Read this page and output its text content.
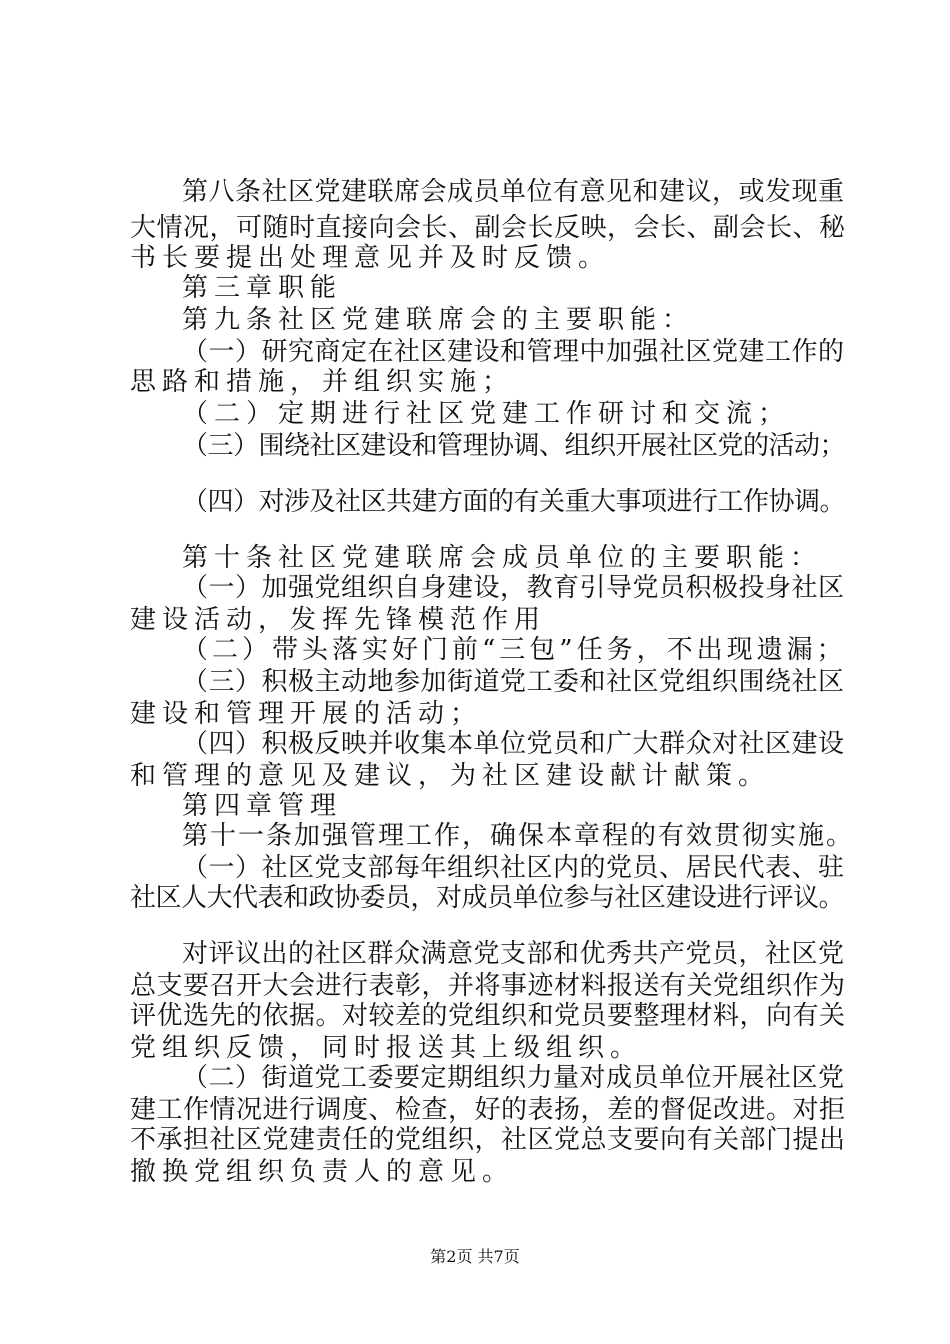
第八条社区党建联席会成员单位有意见和建议，或发现重
大情况，可随时直接向会长、副会长反映，会长、副会长、秘
书长要提出处理意见并及时反馈。
第三章职能
第九条社区党建联席会的主要职能：
（一）研究商定在社区建设和管理中加强社区党建工作的
思路和措施，并组织实施；
（二）定期进行社区党建工作研讨和交流；
（三）围绕社区建设和管理协调、组织开展社区党的活动；
（四）对涉及社区共建方面的有关重大事项进行工作协调。
第十条社区党建联席会成员单位的主要职能：
（一）加强党组织自身建设，教育引导党员积极投身社区
建设活动，发挥先锋模范作用
（二）带头落实好门前“三包”任务，不出现遗漏；
（三）积极主动地参加街道党工委和社区党组织围绕社区
建设和管理开展的活动；
（四）积极反映并收集本单位党员和广大群众对社区建设
和管理的意见及建议，为社区建设献计献策。
第四章管理
第十一条加强管理工作，确保本章程的有效贯彻实施。
（一）社区党支部每年组织社区内的党员、居民代表、驻
社区人大代表和政协委员，对成员单位参与社区建设进行评议。
对评议出的社区群众满意党支部和优秀共产党员，社区党
总支要召开大会进行表彰，并将事迹材料报送有关党组织作为
评优选先的依据。对较差的党组织和党员要整理材料，向有关
党组织反馈，同时报送其上级组织。
（二）街道党工委要定期组织力量对成员单位开展社区党
建工作情况进行调度、检查，好的表扬，差的督促改进。对拒
不承担社区党建责任的党组织，社区党总支要向有关部门提出
撤换党组织负责人的意见。
第2页 共7页
